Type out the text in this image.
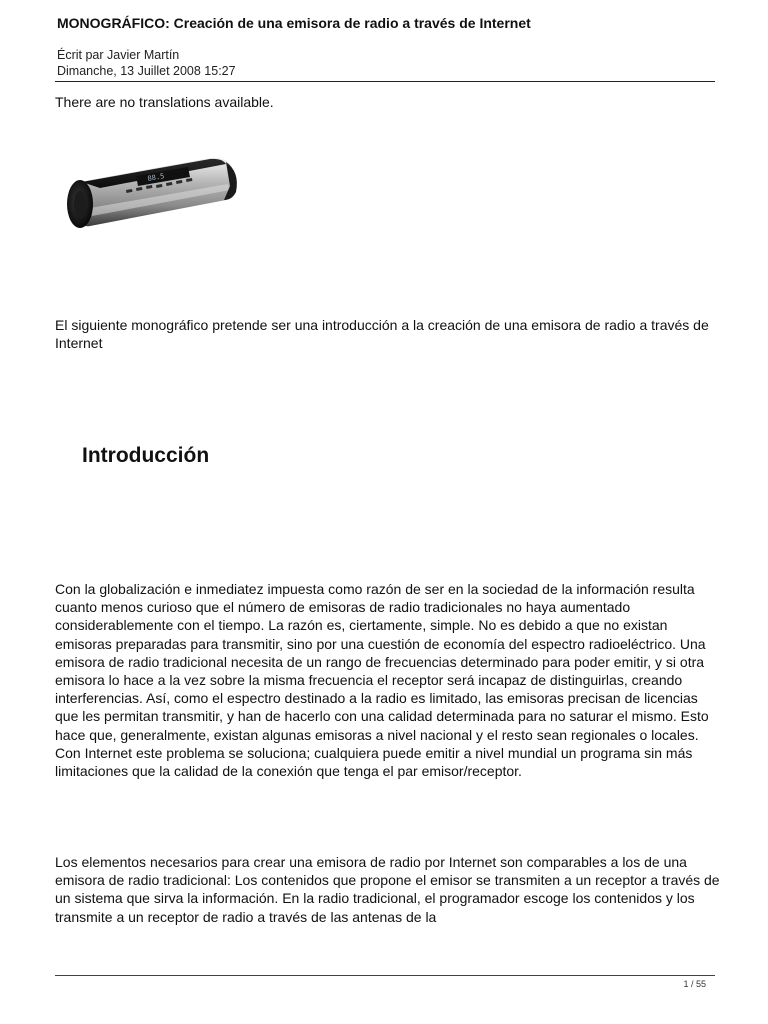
MONOGRÁFICO: Creación de una emisora de radio a través de Internet
Écrit par Javier Martín
Dimanche, 13 Juillet 2008 15:27
There are no translations available.
88.5

El siguiente monográfico pretende ser una introducción a la creación de una emisora de radio a través de Internet

Introducción

Con la globalización e inmediatez impuesta como razón de ser en la sociedad de la información resulta cuanto menos curioso que el número de emisoras de radio tradicionales no haya aumentado considerablemente con el tiempo. La razón es, ciertamente, simple. No es debido a que no existan emisoras preparadas para transmitir, sino por una cuestión de economía del espectro radioeléctrico. Una emisora de radio tradicional necesita de un rango de frecuencias determinado para poder emitir, y si otra emisora lo hace a la vez sobre la misma frecuencia el receptor será incapaz de distinguirlas, creando interferencias. Así, como el espectro destinado a la radio es limitado, las emisoras precisan de licencias que les permitan transmitir, y han de hacerlo con una calidad determinada para no saturar el mismo. Esto hace que, generalmente, existan algunas emisoras a nivel nacional y el resto sean regionales o locales. Con Internet este problema se soluciona; cualquiera puede emitir a nivel mundial un programa sin más limitaciones que la calidad de la conexión que tenga el par emisor/receptor.

Los elementos necesarios para crear una emisora de radio por Internet son comparables a los de una emisora de radio tradicional: Los contenidos que propone el emisor se transmiten a un receptor a través de un sistema que sirva la información. En la radio tradicional, el programador escoge los contenidos y los transmite a un receptor de radio a través de las antenas de la

1 / 55
